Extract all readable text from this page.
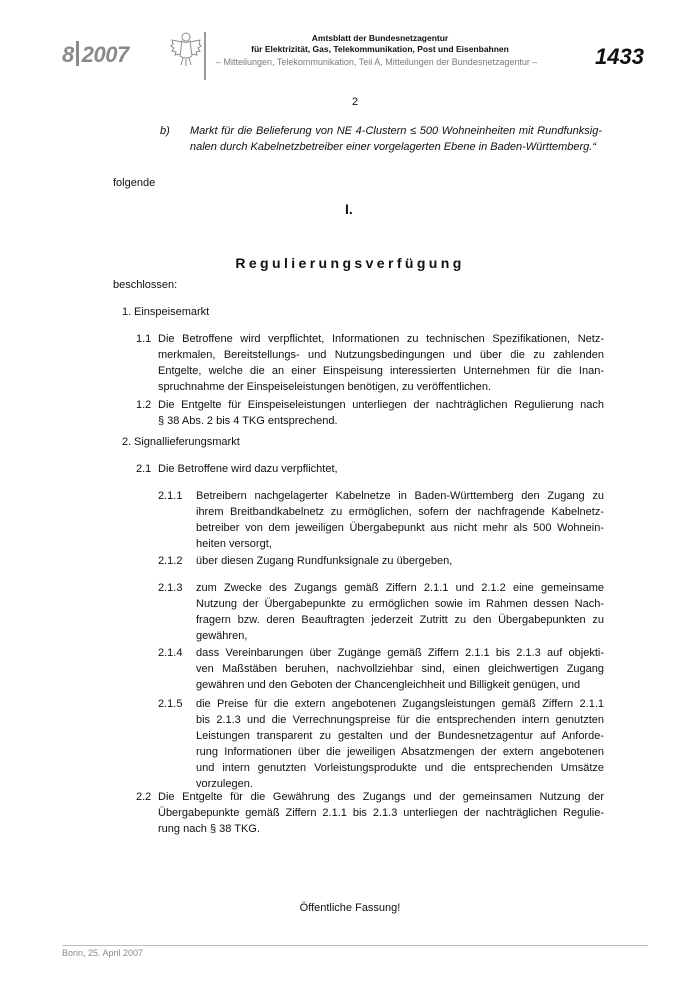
8 2007
Amtsblatt der Bundesnetzagentur
für Elektrizität, Gas, Telekommunikation, Post und Eisenbahnen
– Mitteilungen, Telekommunikation, Teil A, Mitteilungen der Bundesnetzagentur –	1433
2
b) Markt für die Belieferung von NE 4-Clustern ≤ 500 Wohneinheiten mit Rundfunksig-
nalen durch Kabelnetzbetreiber einer vorgelagerten Ebene in Baden-Württemberg.“
folgende
I.
Regulierungsverfügung
beschlossen:
1. Einspeisemarkt
1.1 Die Betroffene wird verpflichtet, Informationen zu technischen Spezifikationen, Netz-
merkmalen, Bereitstellungs- und Nutzungsbedingungen und über die zu zahlenden
Entgelte, welche die an einer Einspeisung interessierten Unternehmen für die Inan-
spruchnahme der Einspeiseleistungen benötigen, zu veröffentlichen.
1.2 Die Entgelte für Einspeiseleistungen unterliegen der nachträglichen Regulierung nach
§ 38 Abs. 2 bis 4 TKG entsprechend.
2. Signallieferungsmarkt
2.1 Die Betroffene wird dazu verpflichtet,
2.1.1 Betreibern nachgelagerter Kabelnetze in Baden-Württemberg den Zugang zu
ihrem Breitbandkabelnetz zu ermöglichen, sofern der nachfragende Kabelnetz-
betreiber von dem jeweiligen Übergabepunkt aus nicht mehr als 500 Wohnein-
heiten versorgt,
2.1.2 über diesen Zugang Rundfunksignale zu übergeben,
2.1.3 zum Zwecke des Zugangs gemäß Ziffern 2.1.1 und 2.1.2 eine gemeinsame
Nutzung der Übergabepunkte zu ermöglichen sowie im Rahmen dessen Nach-
fragern bzw. deren Beauftragten jederzeit Zutritt zu den Übergabepunkten zu
gewähren,
2.1.4 dass Vereinbarungen über Zugänge gemäß Ziffern 2.1.1 bis 2.1.3 auf objekti-
ven Maßstäben beruhen, nachvollziehbar sind, einen gleichwertigen Zugang
gewähren und den Geboten der Chancengleichheit und Billigkeit genügen, und
2.1.5 die Preise für die extern angebotenen Zugangsleistungen gemäß Ziffern 2.1.1
bis 2.1.3 und die Verrechnungspreise für die entsprechenden intern genutzten
Leistungen transparent zu gestalten und der Bundesnetzagentur auf Anforde-
rung Informationen über die jeweiligen Absatzmengen der extern angebotenen
und intern genutzten Vorleistungsprodukte und die entsprechenden Umsätze
vorzulegen.
2.2 Die Entgelte für die Gewährung des Zugangs und der gemeinsamen Nutzung der
Übergabepunkte gemäß Ziffern 2.1.1 bis 2.1.3 unterliegen der nachträglichen Regulie-
rung nach § 38 TKG.
Öffentliche Fassung!
Bonn, 25. April 2007
